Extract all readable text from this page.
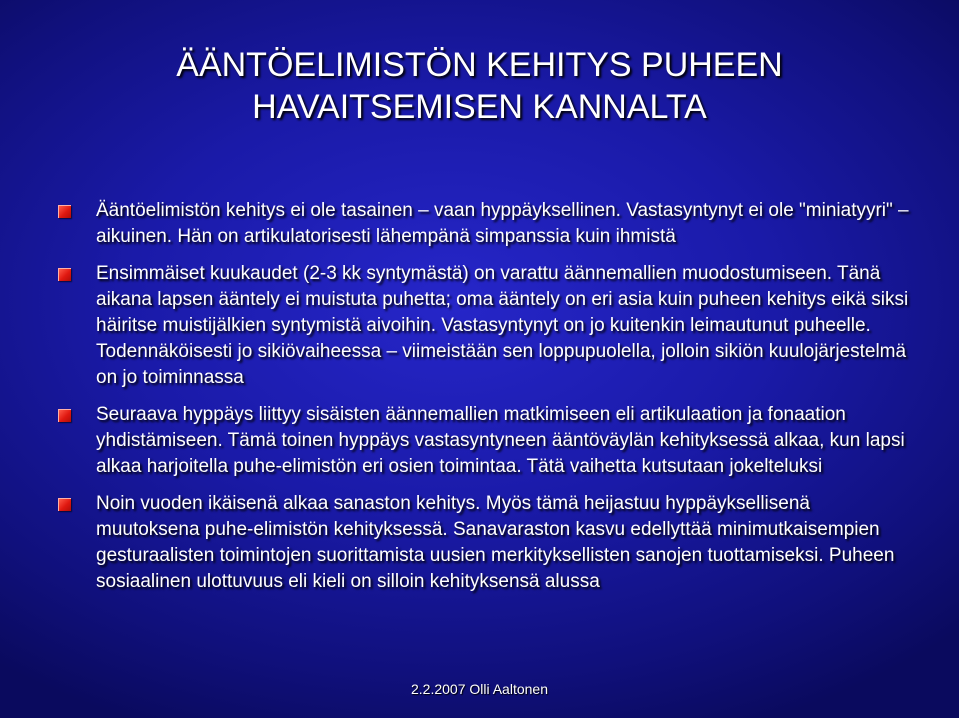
ÄÄNTÖELIMISTÖN KEHITYS PUHEEN
HAVAITSEMISEN KANNALTA
Ääntöelimistön kehitys ei ole tasainen – vaan hyppäyksellinen. Vastasyntynyt ei ole "miniatyyri" –aikuinen. Hän on artikulatorisesti lähempänä simpanssia kuin ihmistä
Ensimmäiset kuukaudet (2-3 kk syntymästä) on varattu äännemallien muodostumiseen. Tänä aikana lapsen ääntely ei muistuta puhetta; oma ääntely on eri asia kuin puheen kehitys eikä siksi häiritse muistijälkien syntymistä aivoihin. Vastasyntynyt on jo kuitenkin leimautunut puheelle. Todennäköisesti jo sikiövaiheessa – viimeistään sen loppupuolella, jolloin sikiön kuulojärjestelmä on jo toiminnassa
Seuraava hyppäys liittyy sisäisten äännemallien matkimiseen eli artikulaation ja fonaation yhdistämiseen. Tämä toinen hyppäys vastasyntyneen ääntöväylän kehityksessä alkaa, kun lapsi alkaa harjoitella puhe-elimistön eri osien toimintaa. Tätä vaihetta kutsutaan jokelteluksi
Noin vuoden ikäisenä alkaa sanaston kehitys. Myös tämä heijastuu hyppäyksellisenä muutoksena puhe-elimistön kehityksessä. Sanavaraston kasvu edellyttää minimutkaisempien gesturaalisten toimintojen suorittamista uusien merkityksellisten sanojen tuottamiseksi. Puheen sosiaalinen ulottuvuus eli kieli on silloin kehityksensä alussa
2.2.2007 Olli Aaltonen
